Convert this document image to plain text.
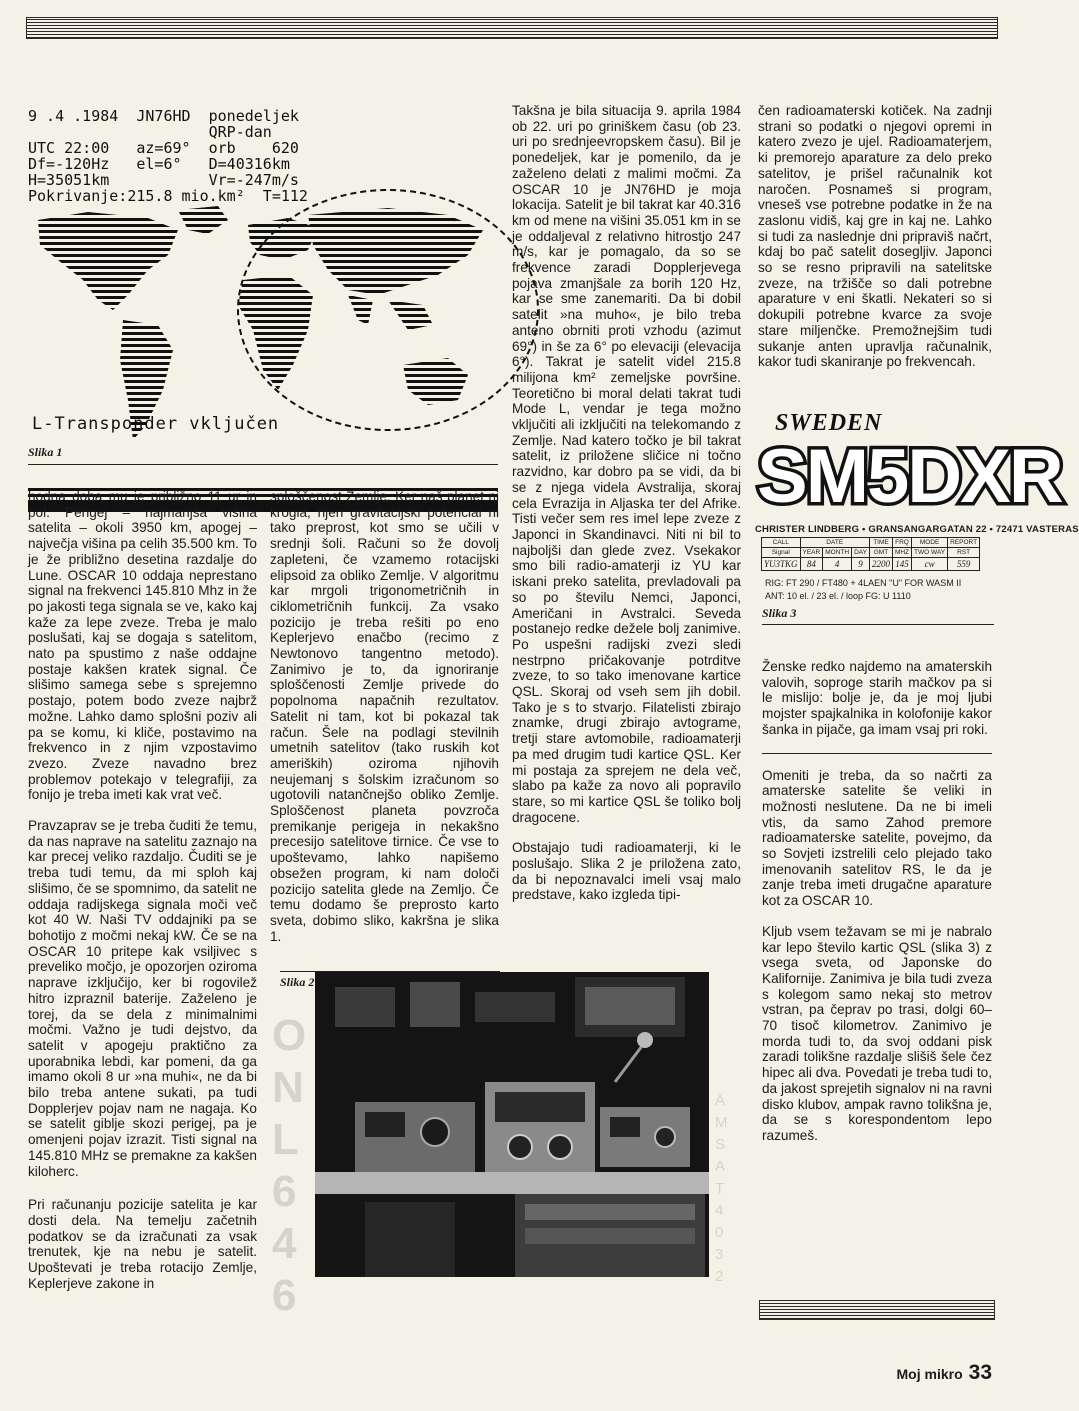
9 .4 .1984  JN76HD  ponedeljek
QRP-dan
UTC 22:00   az=69°  orb    620
Df=-120Hz   el=6°   D=40316km
H=35051km           Vr=-247m/s
Pokrivanje:215.8 mio.km²  T=112
L-Transponder vključen
Slika 1

hodna doba mu je približno 11 ur in pol. Perigej – najmanjša višina satelita – okoli 3950 km, apogej – največja višina pa celih 35.500 km. To je že približno desetina razdalje do Lune. OSCAR 10 oddaja neprestano signal na frekvenci 145.810 Mhz in že po jakosti tega signala se ve, kako kaj kaže za lepe zveze. Treba je malo poslušati, kaj se dogaja s satelitom, nato pa spustimo z naše oddajne postaje kakšen kratek signal. Če slišimo samega sebe s sprejemno postajo, potem bodo zveze najbrž možne. Lahko damo splošni poziv ali pa se komu, ki kliče, postavimo na frekvenco in z njim vzpostavimo zvezo. Zveze navadno brez problemov potekajo v telegrafiji, za fonijo je treba imeti kak vrat več.

Pravzaprav se je treba čuditi že temu, da nas naprave na satelitu zaznajo na kar precej veliko razdaljo. Čuditi se je treba tudi temu, da mi sploh kaj slišimo, če se spomnimo, da satelit ne oddaja radijskega signala moči več kot 40 W. Naši TV oddajniki pa se bohotijo z močmi nekaj kW. Če se na OSCAR 10 pritepe kak vsiljivec s preveliko močjo, je opozorjen oziroma naprave izključijo, ker bi rogovilež hitro izpraznil baterije. Zaželeno je torej, da se dela z minimalnimi močmi. Važno je tudi dejstvo, da satelit v apogeju praktično za uporabnika lebdi, kar pomeni, da ga imamo okoli 8 ur »na muhi«, ne da bi bilo treba antene sukati, pa tudi Dopplerjev pojav nam ne nagaja. Ko se satelit giblje skozi perigej, pa je omenjeni pojav izrazit. Tisti signal na 145.810 MHz se premakne za kakšen kiloherc.

Pri računanju pozicije satelita je kar dosti dela. Na temelju začetnih podatkov se da izračunati za vsak trenutek, kje na nebu je satelit. Upoštevati je treba rotacijo Zemlje, Keplerjeve zakone in

sploščenost Zemlje. Ker naš planet ni krogla, njen gravitacijski potencial ni tako preprost, kot smo se učili v srednji šoli. Računi so že dovolj zapleteni, če vzamemo rotacijski elipsoid za obliko Zemlje. V algoritmu kar mrgoli trigonometričnih in ciklometričnih funkcij. Za vsako pozicijo je treba rešiti po eno Keplerjevo enačbo (recimo z Newtonovo tangentno metodo). Zanimivo je to, da ignoriranje sploščenosti Zemlje privede do popolnoma napačnih rezultatov. Satelit ni tam, kot bi pokazal tak račun. Šele na podlagi stevilnih umetnih satelitov (tako ruskih kot ameriških) oziroma njihovih neujemanj s šolskim izračunom so ugotovili natančnejšo obliko Zemlje. Sploščenost planeta povzroča premikanje perigeja in nekakšno precesijo satelitove tirnice. Če vse to upoštevamo, lahko napišemo obsežen program, ki nam določi pozicijo satelita glede na Zemljo. Če temu dodamo še preprosto karto sveta, dobimo sliko, kakršna je slika 1.

Takšna je bila situacija 9. aprila 1984 ob 22. uri po griniškem času (ob 23. uri po srednjeevropskem času). Bil je ponedeljek, kar je pomenilo, da je zaželeno delati z malimi močmi. Za OSCAR 10 je JN76HD je moja lokacija. Satelit je bil takrat kar 40.316 km od mene na višini 35.051 km in se je oddaljeval z relativno hitrostjo 247 m/s, kar je pomagalo, da so se frekvence zaradi Dopplerjevega pojava zmanjšale za borih 120 Hz, kar se sme zanemariti. Da bi dobil satelit »na muho«, je bilo treba anteno obrniti proti vzhodu (azimut 69°) in še za 6° po elevaciji (elevacija 6°). Takrat je satelit videl 215.8 milijona km² zemeljske površine. Teoretično bi moral delati takrat tudi Mode L, vendar je tega možno vključiti ali izključiti na telekomando z Zemlje. Nad katero točko je bil takrat satelit, iz priložene sličice ni točno razvidno, kar dobro pa se vidi, da bi se z njega videla Avstralija, skoraj cela Evrazija in Aljaska ter del Afrike. Tisti večer sem res imel lepe zveze z Japonci in Skandinavci. Niti ni bil to najboljši dan glede zvez. Vsekakor smo bili radio-amaterji iz YU kar iskani preko satelita, prevladovali pa so po številu Nemci, Japonci, Američani in Avstralci. Seveda postanejo redke dežele bolj zanimive. Po uspešni radijski zvezi sledi nestrpno pričakovanje potrditve zveze, to so tako imenovane kartice QSL. Skoraj od vseh sem jih dobil. Tako je s to stvarjo. Filatelisti zbirajo znamke, drugi zbirajo avtograme, tretji stare avtomobile, radioamaterji pa med drugim tudi kartice QSL. Ker mi postaja za sprejem ne dela več, slabo pa kaže za novo ali popravilo stare, so mi kartice QSL še toliko bolj dragocene.

Obstajajo tudi radioamaterji, ki le poslušajo. Slika 2 je priložena zato, da bi nepoznavalci imeli vsaj malo predstave, kako izgleda tipi-

čen radioamaterski kotiček. Na zadnji strani so podatki o njegovi opremi in katero zvezo je ujel. Radioamaterjem, ki premorejo aparature za delo preko satelitov, je prišel računalnik kot naročen. Posnameš si program, vneseš vse potrebne podatke in že na zaslonu vidiš, kaj gre in kaj ne. Lahko si tudi za naslednje dni pripraviš načrt, kdaj bo pač satelit dosegljiv. Japonci so se resno pripravili na satelitske zveze, na tržišče so dali potrebne aparature v eni škatli. Nekateri so si dokupili potrebne kvarce za svoje stare miljenčke. Premožnejšim tudi sukanje anten upravlja računalnik, kakor tudi skaniranje po frekvencah.

SWEDEN
SM5DXR
CHRISTER LINDBERG • GRANSANGARGATAN 22 • 72471 VASTERAS
CALL	DATE			TIME	FRQ	MODE	REPORT
Signal	YEAR	MONTH	DAY	GMT	MHZ	TWO WAY	RST
YU3TKG	84	4	9	2200	145	cw	559
RIG: FT 290 / FT480 + 4LAEN "U" FOR WASM II
ANT: 10 el. / 23 el. / loop FG: U 1110
Slika 3

Ženske redko najdemo na amaterskih valovih, soproge starih mačkov pa si le mislijo: bolje je, da je moj ljubi mojster spajkalnika in kolofonije kakor šanka in pijače, ga imam vsaj pri roki.

Omeniti je treba, da so načrti za amaterske satelite še veliki in možnosti neslutene. Da ne bi imeli vtis, da samo Zahod premore radioamaterske satelite, povejmo, da so Sovjeti izstrelili celo plejado tako imenovanih satelitov RS, le da je zanje treba imeti drugačne aparature kot za OSCAR 10.

Kljub vsem težavam se mi je nabralo kar lepo število kartic QSL (slika 3) z vsega sveta, od Japonske do Kalifornije. Zanimiva je bila tudi zveza s kolegom samo nekaj sto metrov vstran, pa čeprav po trasi, dolgi 60–70 tisoč kilometrov. Zanimivo je morda tudi to, da svoj oddani pisk zaradi tolikšne razdalje slišiš šele čez hipec ali dva. Povedati je treba tudi to, da jakost sprejetih signalov ni na ravni disko klubov, ampak ravno tolikšna je, da se s korespondentom lepo razumeš.

Slika 2
ONL646
AMSAT 4032
Moj mikro 33
